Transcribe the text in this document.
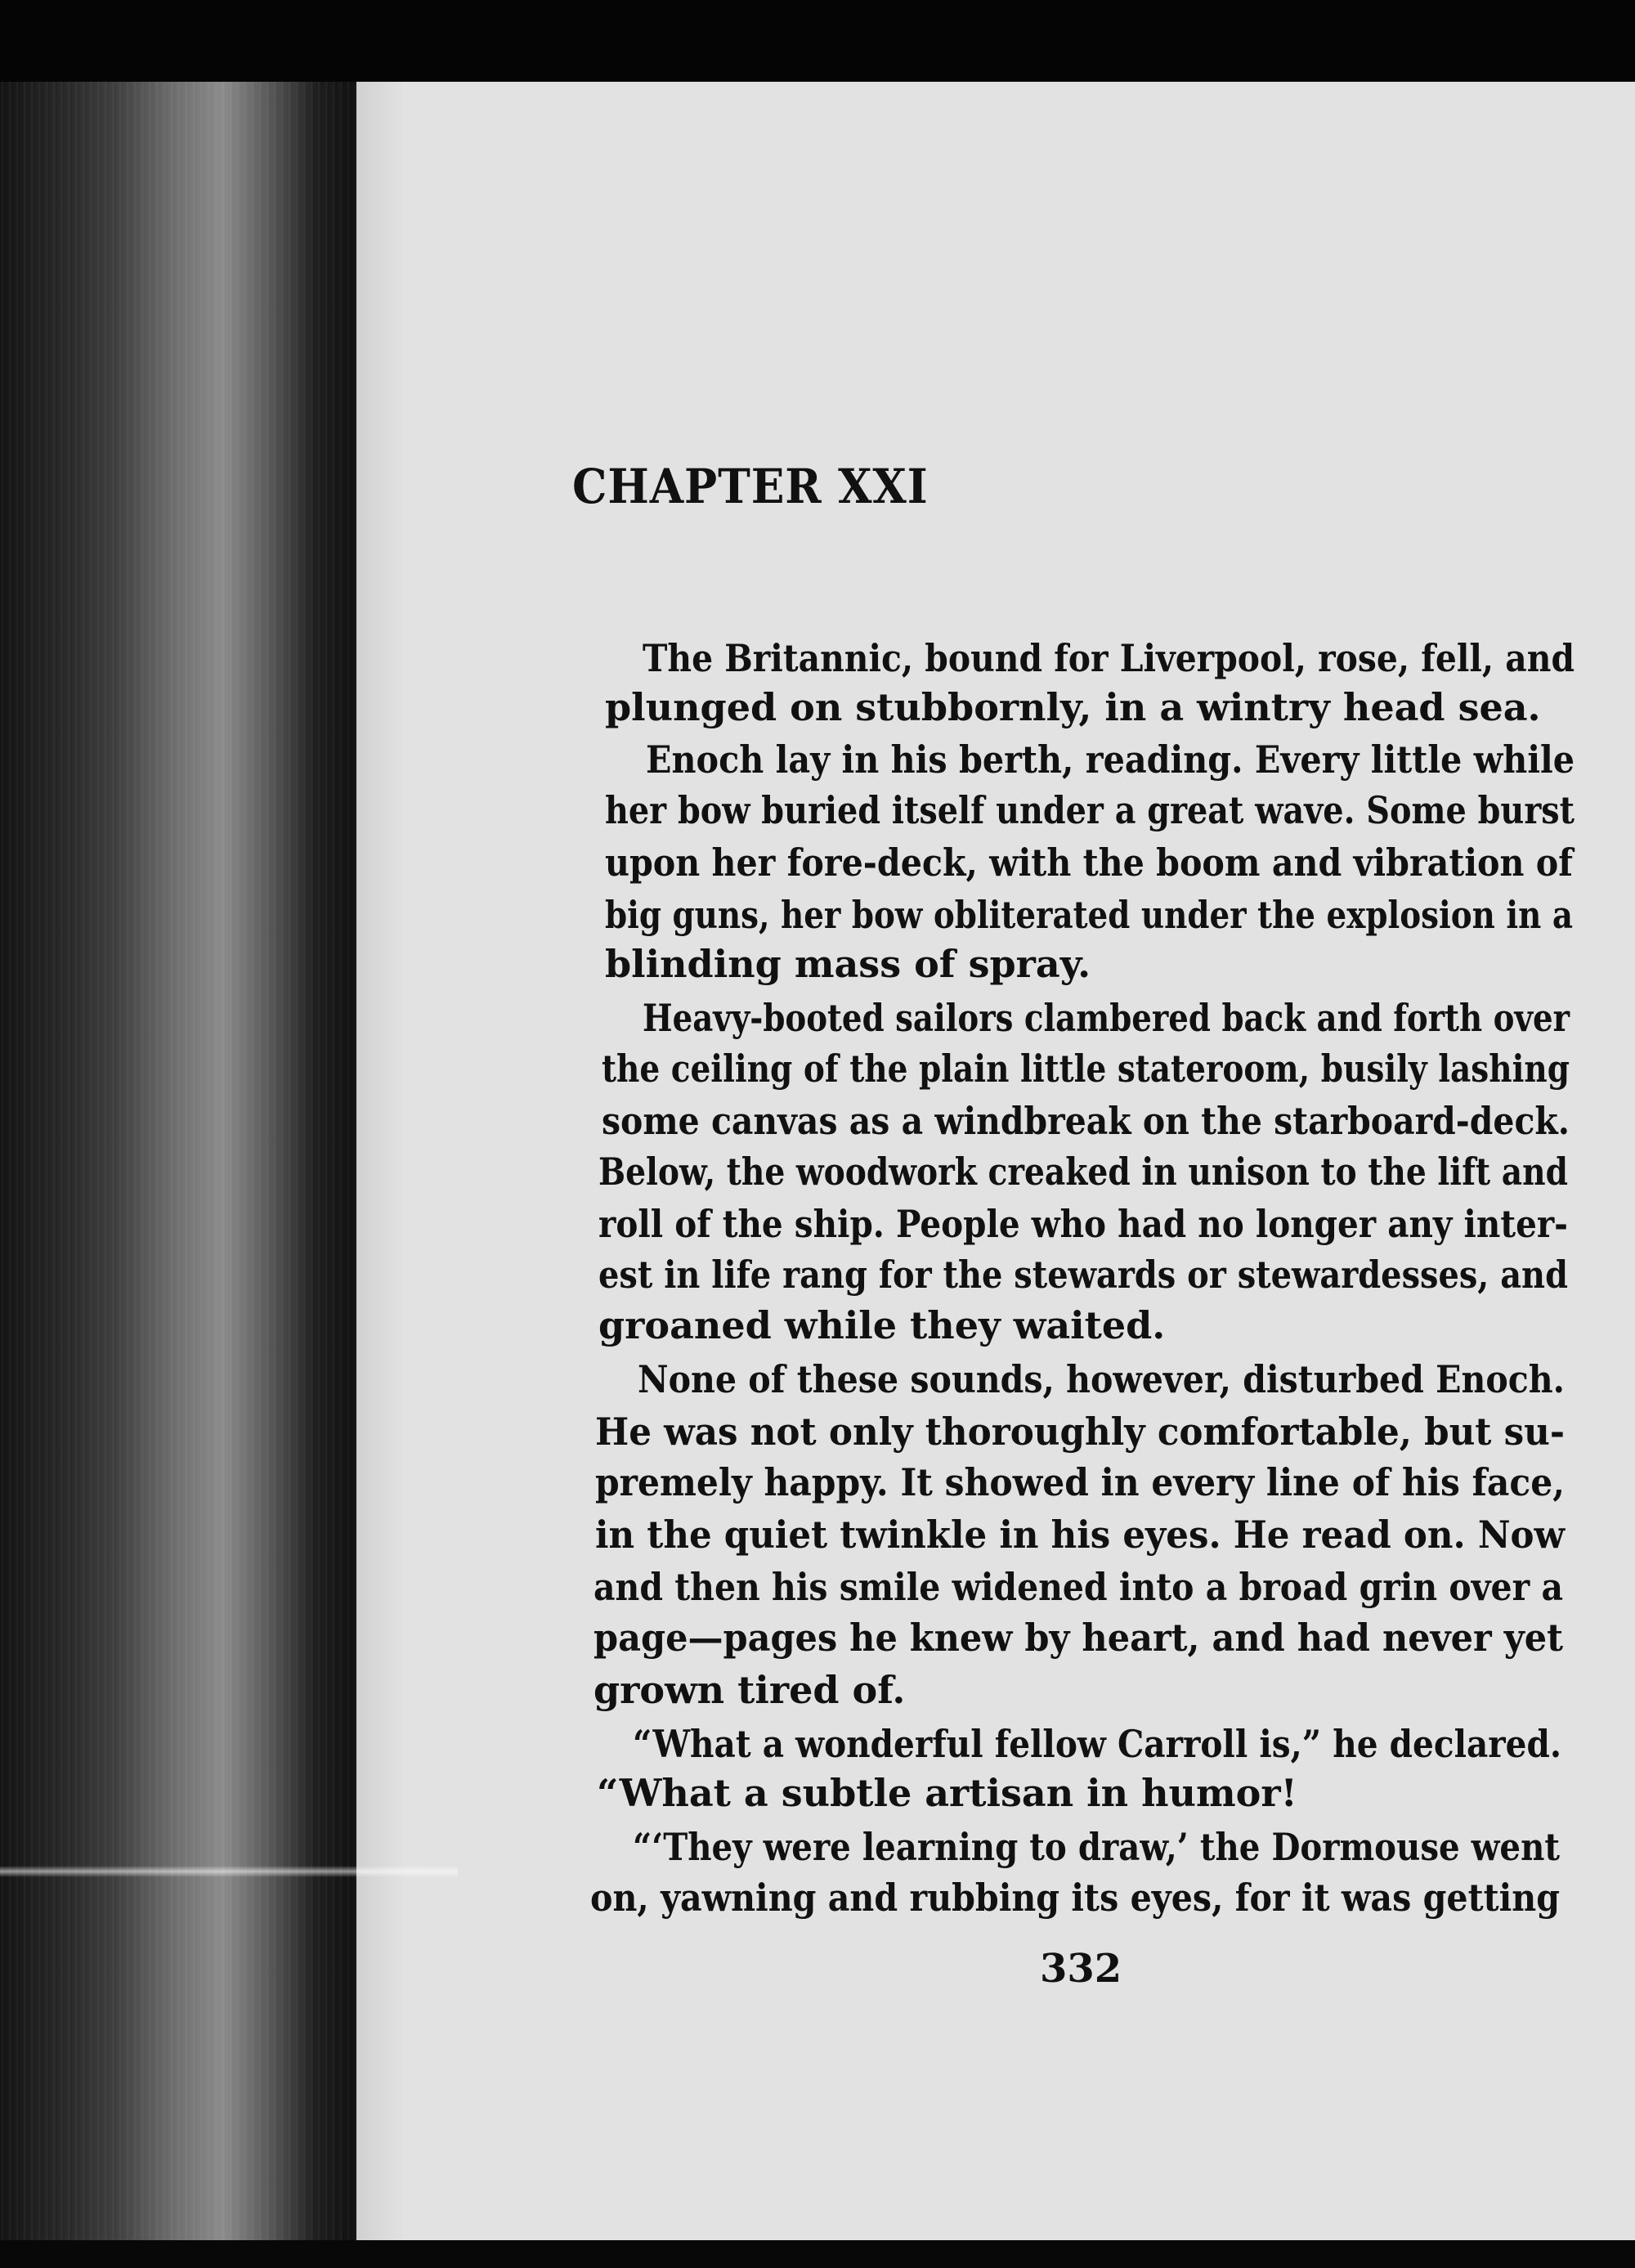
CHAPTER XXI

The Britannic, bound for Liverpool, rose, fell, and

plunged on stubbornly, in a wintry head sea.

Enoch lay in his berth, reading. Every little while

her bow buried itself under a great wave. Some burst

upon her fore-deck, with the boom and vibration of

big guns, her bow obliterated under the explosion in a

blinding mass of spray.

Heavy-booted sailors clambered back and forth over

the ceiling of the plain little stateroom, busily lashing

some canvas as a windbreak on the starboard-deck.

Below, the woodwork creaked in unison to the lift and

roll of the ship. People who had no longer any inter-

est in life rang for the stewards or stewardesses, and

groaned while they waited.

None of these sounds, however, disturbed Enoch.

He was not only thoroughly comfortable, but su-

premely happy. It showed in every line of his face,

in the quiet twinkle in his eyes. He read on. Now

and then his smile widened into a broad grin over a

page—pages he knew by heart, and had never yet

grown tired of.

“What a wonderful fellow Carroll is,” he declared.

“What a subtle artisan in humor!

“‘They were learning to draw,’ the Dormouse went

on, yawning and rubbing its eyes, for it was getting

332
